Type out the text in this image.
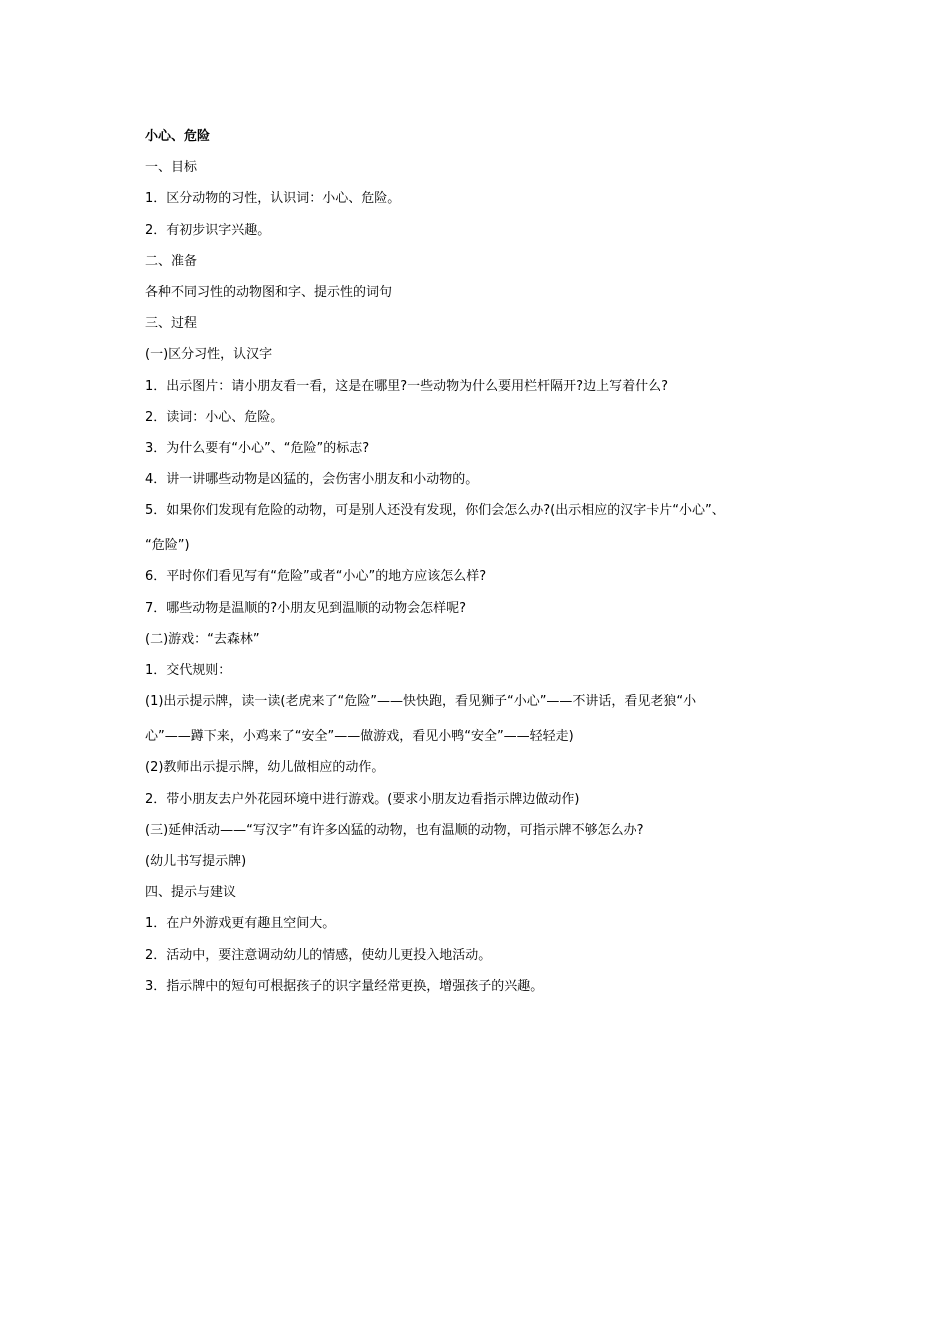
小心、危险
一、目标
1．区分动物的习性，认识词：小心、危险。
2．有初步识字兴趣。
二、准备
各种不同习性的动物图和字、提示性的词句
三、过程
(一)区分习性，认汉字
1．出示图片：请小朋友看一看，这是在哪里?一些动物为什么要用栏杆隔开?边上写着什么?
2．读词：小心、危险。
3．为什么要有“小心”、“危险”的标志?
4．讲一讲哪些动物是凶猛的，会伤害小朋友和小动物的。
5．如果你们发现有危险的动物，可是别人还没有发现，你们会怎么办?(出示相应的汉字卡片“小心”、
“危险”)
6．平时你们看见写有“危险”或者“小心”的地方应该怎么样?
7．哪些动物是温顺的?小朋友见到温顺的动物会怎样呢?
(二)游戏：“去森林”
1．交代规则：
(1)出示提示牌，读一读(老虎来了“危险”——快快跑，看见狮子“小心”——不讲话，看见老狼“小
心”——蹲下来，小鸡来了“安全”——做游戏，看见小鸭“安全”——轻轻走)
(2)教师出示提示牌，幼儿做相应的动作。
2．带小朋友去户外花园环境中进行游戏。(要求小朋友边看指示牌边做动作)
(三)延伸活动——“写汉字”有许多凶猛的动物，也有温顺的动物，可指示牌不够怎么办?
(幼儿书写提示牌)
四、提示与建议
1．在户外游戏更有趣且空间大。
2．活动中，要注意调动幼儿的情感，使幼儿更投入地活动。
3．指示牌中的短句可根据孩子的识字量经常更换，增强孩子的兴趣。
